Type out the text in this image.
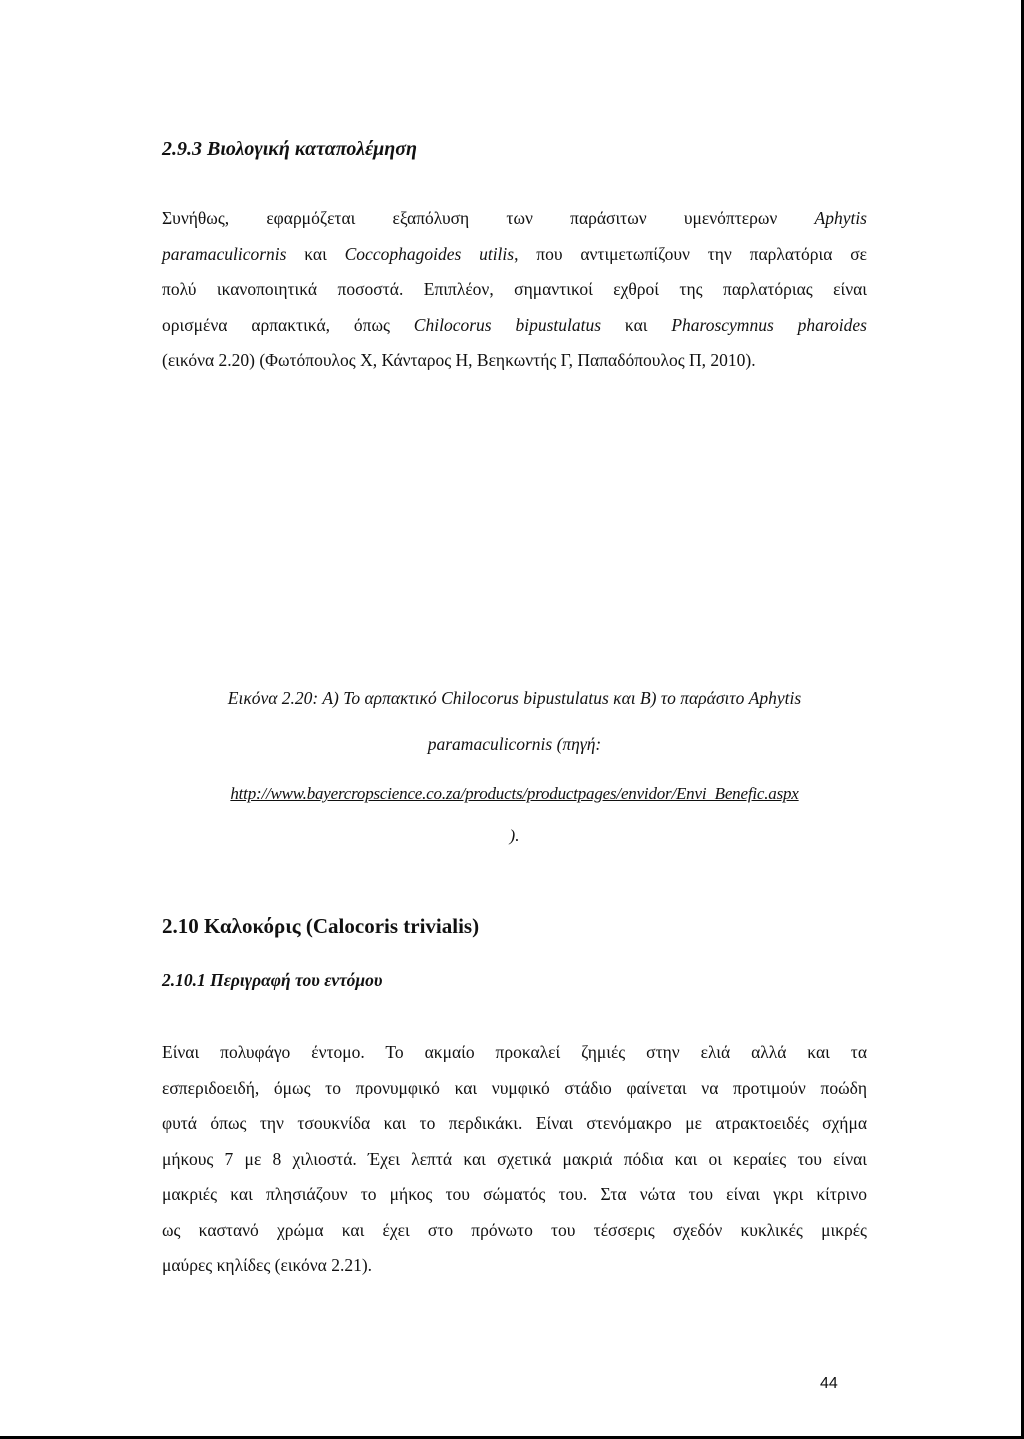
2.9.3 Βιολογική καταπολέμηση
Συνήθως, εφαρμόζεται εξαπόλυση των παράσιτων υμενόπτερων Aphytis
paramaculicornis και Coccophagoides utilis, που αντιμετωπίζουν την παρλατόρια σε
πολύ ικανοποιητικά ποσοστά. Επιπλέον, σημαντικοί εχθροί της παρλατόριας είναι
ορισμένα αρπακτικά, όπως Chilocorus bipustulatus και Pharoscymnus pharoides
(εικόνα 2.20) (Φωτόπουλος Χ, Κάνταρος Η, Βεηκωντής Γ, Παπαδόπουλος Π, 2010).
Εικόνα 2.20: Α) Το αρπακτικό Chilocorus bipustulatus και Β) το παράσιτο Aphytis
paramaculicornis (πηγή:
http://www.bayercropscience.co.za/products/productpages/envidor/Envi_Benefic.aspx
).
2.10 Καλοκόρις (Calocoris trivialis)
2.10.1 Περιγραφή του εντόμου
Είναι πολυφάγο έντομο. Το ακμαίο προκαλεί ζημιές στην ελιά αλλά και τα
εσπεριδοειδή, όμως το προνυμφικό και νυμφικό στάδιο φαίνεται να προτιμούν ποώδη
φυτά όπως την τσουκνίδα και το περδικάκι. Είναι στενόμακρο με ατρακτοειδές σχήμα
μήκους 7 με 8 χιλιοστά. Έχει λεπτά και σχετικά μακριά πόδια και οι κεραίες του είναι
μακριές και πλησιάζουν το μήκος του σώματός του. Στα νώτα του είναι γκρι κίτρινο
ως καστανό χρώμα και έχει στο πρόνωτο του τέσσερις σχεδόν κυκλικές μικρές
μαύρες κηλίδες (εικόνα 2.21).
44
